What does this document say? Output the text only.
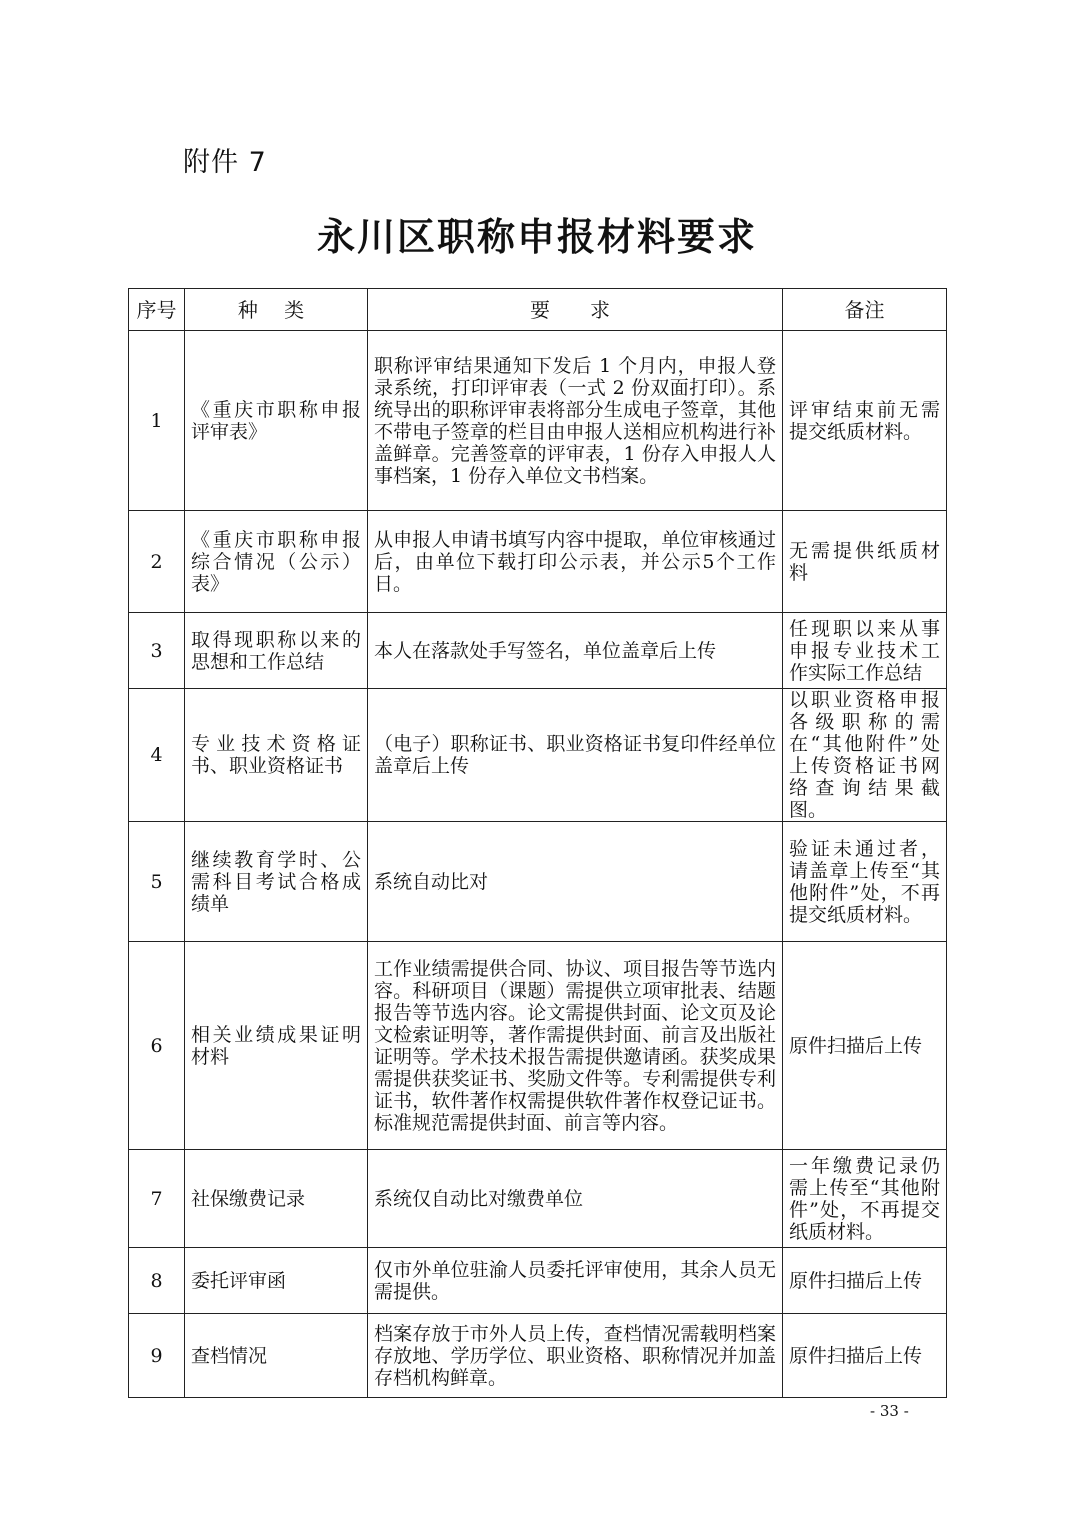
附件 7
永川区职称申报材料要求
序号	种 类	要　求	备注
1	《重庆市职称申报评审表》	职称评审结果通知下发后 1 个月内，申报人登录系统，打印评审表（一式 2 份双面打印）。系统导出的职称评审表将部分生成电子签章，其他不带电子签章的栏目由申报人送相应机构进行补盖鲜章。完善签章的评审表，1 份存入申报人人事档案，1 份存入单位文书档案。	评审结束前无需提交纸质材料。
2	《重庆市职称申报综合情况（公示）表》	从申报人申请书填写内容中提取，单位审核通过后，由单位下载打印公示表，并公示5个工作日。	无需提供纸质材料
3	取得现职称以来的思想和工作总结	本人在落款处手写签名，单位盖章后上传	任现职以来从事申报专业技术工作实际工作总结
4	专业技术资格证书、职业资格证书	（电子）职称证书、职业资格证书复印件经单位盖章后上传	以职业资格申报各级职称的需在“其他附件”处上传资格证书网络查询结果截图。
5	继续教育学时、公需科目考试合格成绩单	系统自动比对	验证未通过者，请盖章上传至“其他附件”处，不再提交纸质材料。
6	相关业绩成果证明材料	工作业绩需提供合同、协议、项目报告等节选内容。科研项目（课题）需提供立项审批表、结题报告等节选内容。论文需提供封面、论文页及论文检索证明等，著作需提供封面、前言及出版社证明等。学术技术报告需提供邀请函。获奖成果需提供获奖证书、奖励文件等。专利需提供专利证书，软件著作权需提供软件著作权登记证书。标准规范需提供封面、前言等内容。	原件扫描后上传
7	社保缴费记录	系统仅自动比对缴费单位	一年缴费记录仍需上传至“其他附件”处，不再提交纸质材料。
8	委托评审函	仅市外单位驻渝人员委托评审使用，其余人员无需提供。	原件扫描后上传
9	查档情况	档案存放于市外人员上传，查档情况需载明档案存放地、学历学位、职业资格、职称情况并加盖存档机构鲜章。	原件扫描后上传
- 33 -
